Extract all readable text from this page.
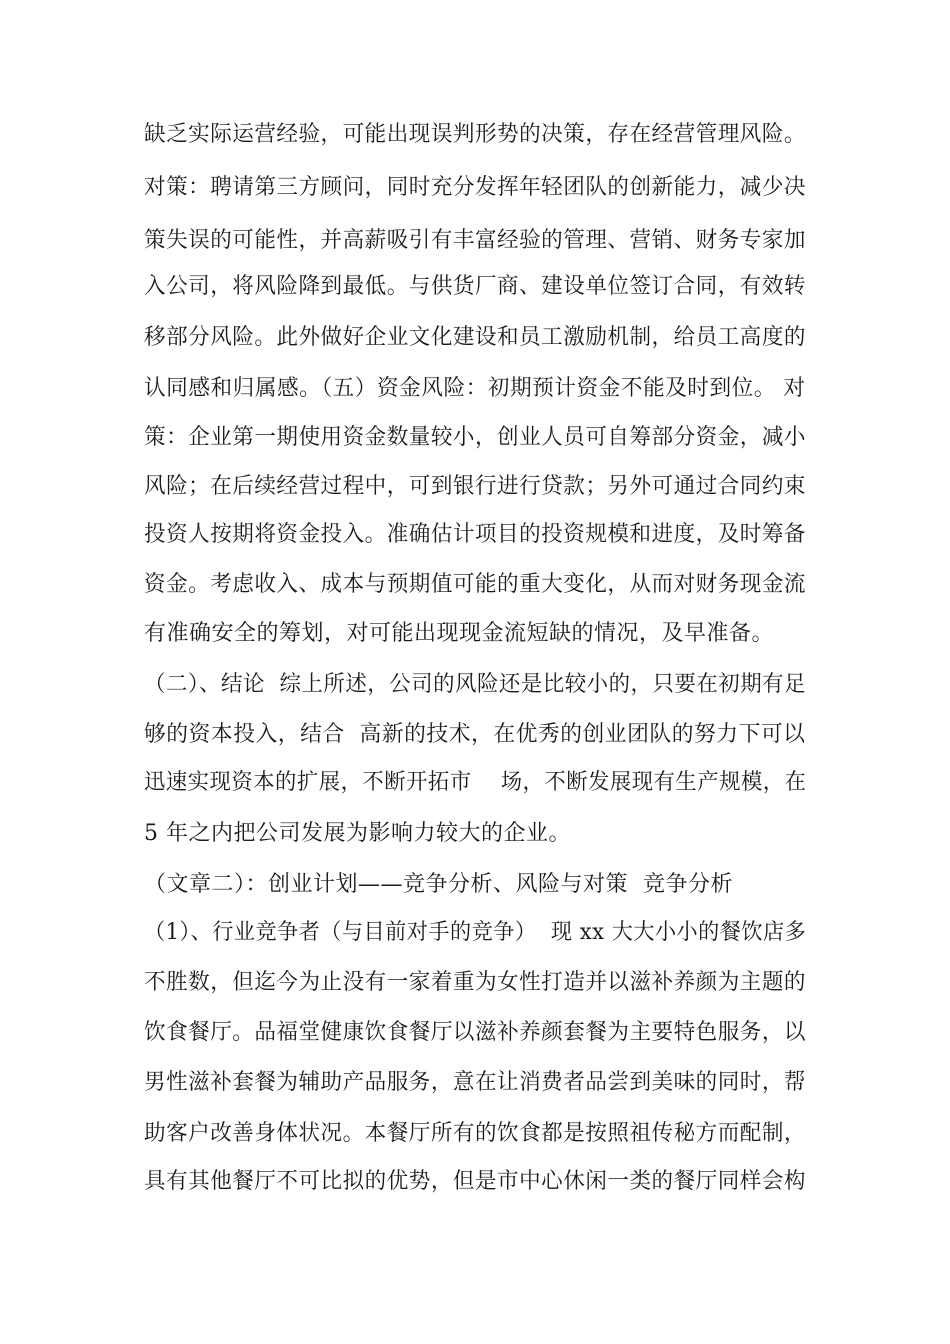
缺乏实际运营经验，可能出现误判形势的决策，存在经营管理风险。
对策：聘请第三方顾问，同时充分发挥年轻团队的创新能力，减少决
策失误的可能性，并高薪吸引有丰富经验的管理、营销、财务专家加
入公司，将风险降到最低。与供货厂商、建设单位签订合同，有效转
移部分风险。此外做好企业文化建设和员工激励机制，给员工高度的
认同感和归属感。（五）资金风险：初期预计资金不能及时到位。 对
策：企业第一期使用资金数量较小，创业人员可自筹部分资金，减小
风险；在后续经营过程中，可到银行进行贷款；另外可通过合同约束
投资人按期将资金投入。准确估计项目的投资规模和进度，及时筹备
资金。考虑收入、成本与预期值可能的重大变化，从而对财务现金流
有准确安全的筹划，对可能出现现金流短缺的情况，及早准备。
（二）、结论  综上所述，公司的风险还是比较小的，只要在初期有足
够的资本投入，结合  高新的技术，在优秀的创业团队的努力下可以
迅速实现资本的扩展，不断开拓市    场，不断发展现有生产规模，在
5 年之内把公司发展为影响力较大的企业。
（文章二）：创业计划——竞争分析、风险与对策  竞争分析
（1）、行业竞争者（与目前对手的竞争）  现 xx 大大小小的餐饮店多
不胜数，但迄今为止没有一家着重为女性打造并以滋补养颜为主题的
饮食餐厅。品福堂健康饮食餐厅以滋补养颜套餐为主要特色服务，以
男性滋补套餐为辅助产品服务，意在让消费者品尝到美味的同时，帮
助客户改善身体状况。本餐厅所有的饮食都是按照祖传秘方而配制，
具有其他餐厅不可比拟的优势，但是市中心休闲一类的餐厅同样会构
